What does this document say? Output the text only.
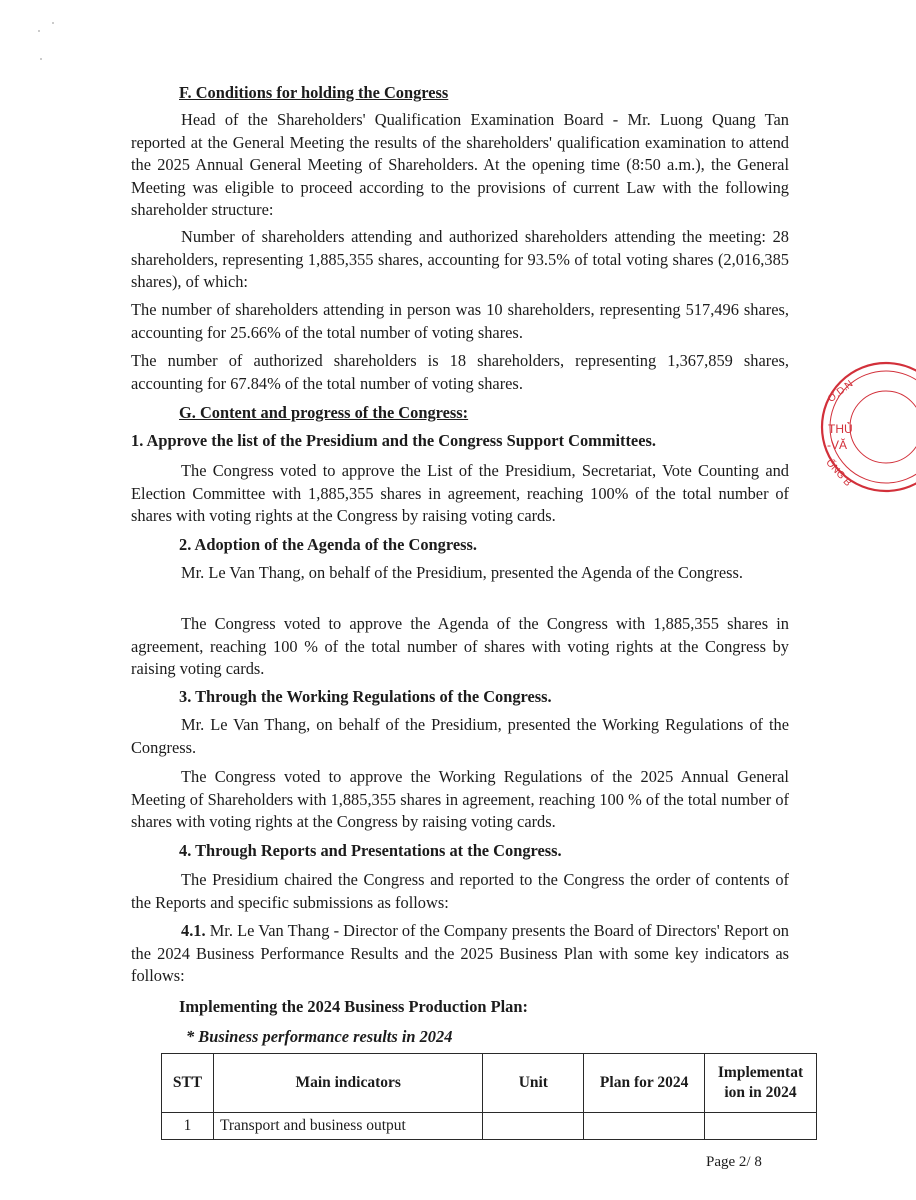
F. Conditions for holding the Congress
Head of the Shareholders' Qualification Examination Board - Mr. Luong Quang Tan reported at the General Meeting the results of the shareholders' qualification examination to attend the 2025 Annual General Meeting of Shareholders. At the opening time (8:50 a.m.), the General Meeting was eligible to proceed according to the provisions of current Law with the following shareholder structure:
Number of shareholders attending and authorized shareholders attending the meeting: 28 shareholders, representing 1,885,355 shares, accounting for 93.5% of total voting shares (2,016,385 shares), of which:
The number of shareholders attending in person was 10 shareholders, representing 517,496 shares, accounting for 25.66% of the total number of voting shares.
The number of authorized shareholders is 18 shareholders, representing 1,367,859 shares, accounting for 67.84% of the total number of voting shares.
G. Content and progress of the Congress:
1. Approve the list of the Presidium and the Congress Support Committees.
The Congress voted to approve the List of the Presidium, Secretariat, Vote Counting and Election Committee with 1,885,355 shares in agreement, reaching 100% of the total number of shares with voting rights at the Congress by raising voting cards.
2. Adoption of the Agenda of the Congress.
Mr. Le Van Thang, on behalf of the Presidium, presented the Agenda of the Congress.
The Congress voted to approve the Agenda of the Congress with 1,885,355 shares in agreement, reaching 100 % of the total number of shares with voting rights at the Congress by raising voting cards.
3. Through the Working Regulations of the Congress.
Mr. Le Van Thang, on behalf of the Presidium, presented the Working Regulations of the Congress.
The Congress voted to approve the Working Regulations of the 2025 Annual General Meeting of Shareholders with 1,885,355 shares in agreement, reaching 100 % of the total number of shares with voting rights at the Congress by raising voting cards.
4. Through Reports and Presentations at the Congress.
The Presidium chaired the Congress and reported to the Congress the order of contents of the Reports and specific submissions as follows:
4.1. Mr. Le Van Thang - Director of the Company presents the Board of Directors' Report on the 2024 Business Performance Results and the 2025 Business Plan with some key indicators as follows:
Implementing the 2024 Business Production Plan:
* Business performance results in 2024
STT	Main indicators	Unit	Plan for 2024	Implementat ion in 2024
1	Transport and business output			
Ơ.D.N
THỦ
-VĂ
ỐNG B
Page 2/ 8
